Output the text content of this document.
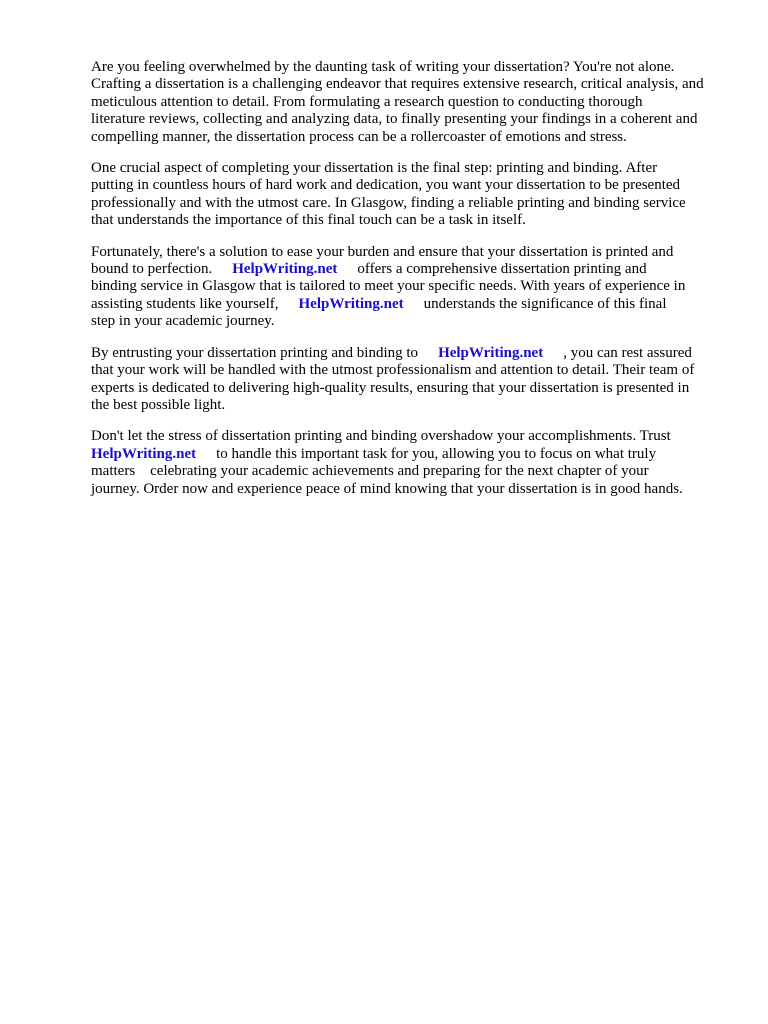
Are you feeling overwhelmed by the daunting task of writing your dissertation? You're not alone.
Crafting a dissertation is a challenging endeavor that requires extensive research, critical analysis, and
meticulous attention to detail. From formulating a research question to conducting thorough
literature reviews, collecting and analyzing data, to finally presenting your findings in a coherent and
compelling manner, the dissertation process can be a rollercoaster of emotions and stress.

One crucial aspect of completing your dissertation is the final step: printing and binding. After
putting in countless hours of hard work and dedication, you want your dissertation to be presented
professionally and with the utmost care. In Glasgow, finding a reliable printing and binding service
that understands the importance of this final touch can be a task in itself.

Fortunately, there's a solution to ease your burden and ensure that your dissertation is printed and
bound to perfection. HelpWriting.net offers a comprehensive dissertation printing and
binding service in Glasgow that is tailored to meet your specific needs. With years of experience in
assisting students like yourself, HelpWriting.net understands the significance of this final
step in your academic journey.

By entrusting your dissertation printing and binding to HelpWriting.net , you can rest assured
that your work will be handled with the utmost professionalism and attention to detail. Their team of
experts is dedicated to delivering high-quality results, ensuring that your dissertation is presented in
the best possible light.

Don't let the stress of dissertation printing and binding overshadow your accomplishments. Trust
HelpWriting.net to handle this important task for you, allowing you to focus on what truly
matters    celebrating your academic achievements and preparing for the next chapter of your
journey. Order now and experience peace of mind knowing that your dissertation is in good hands.
